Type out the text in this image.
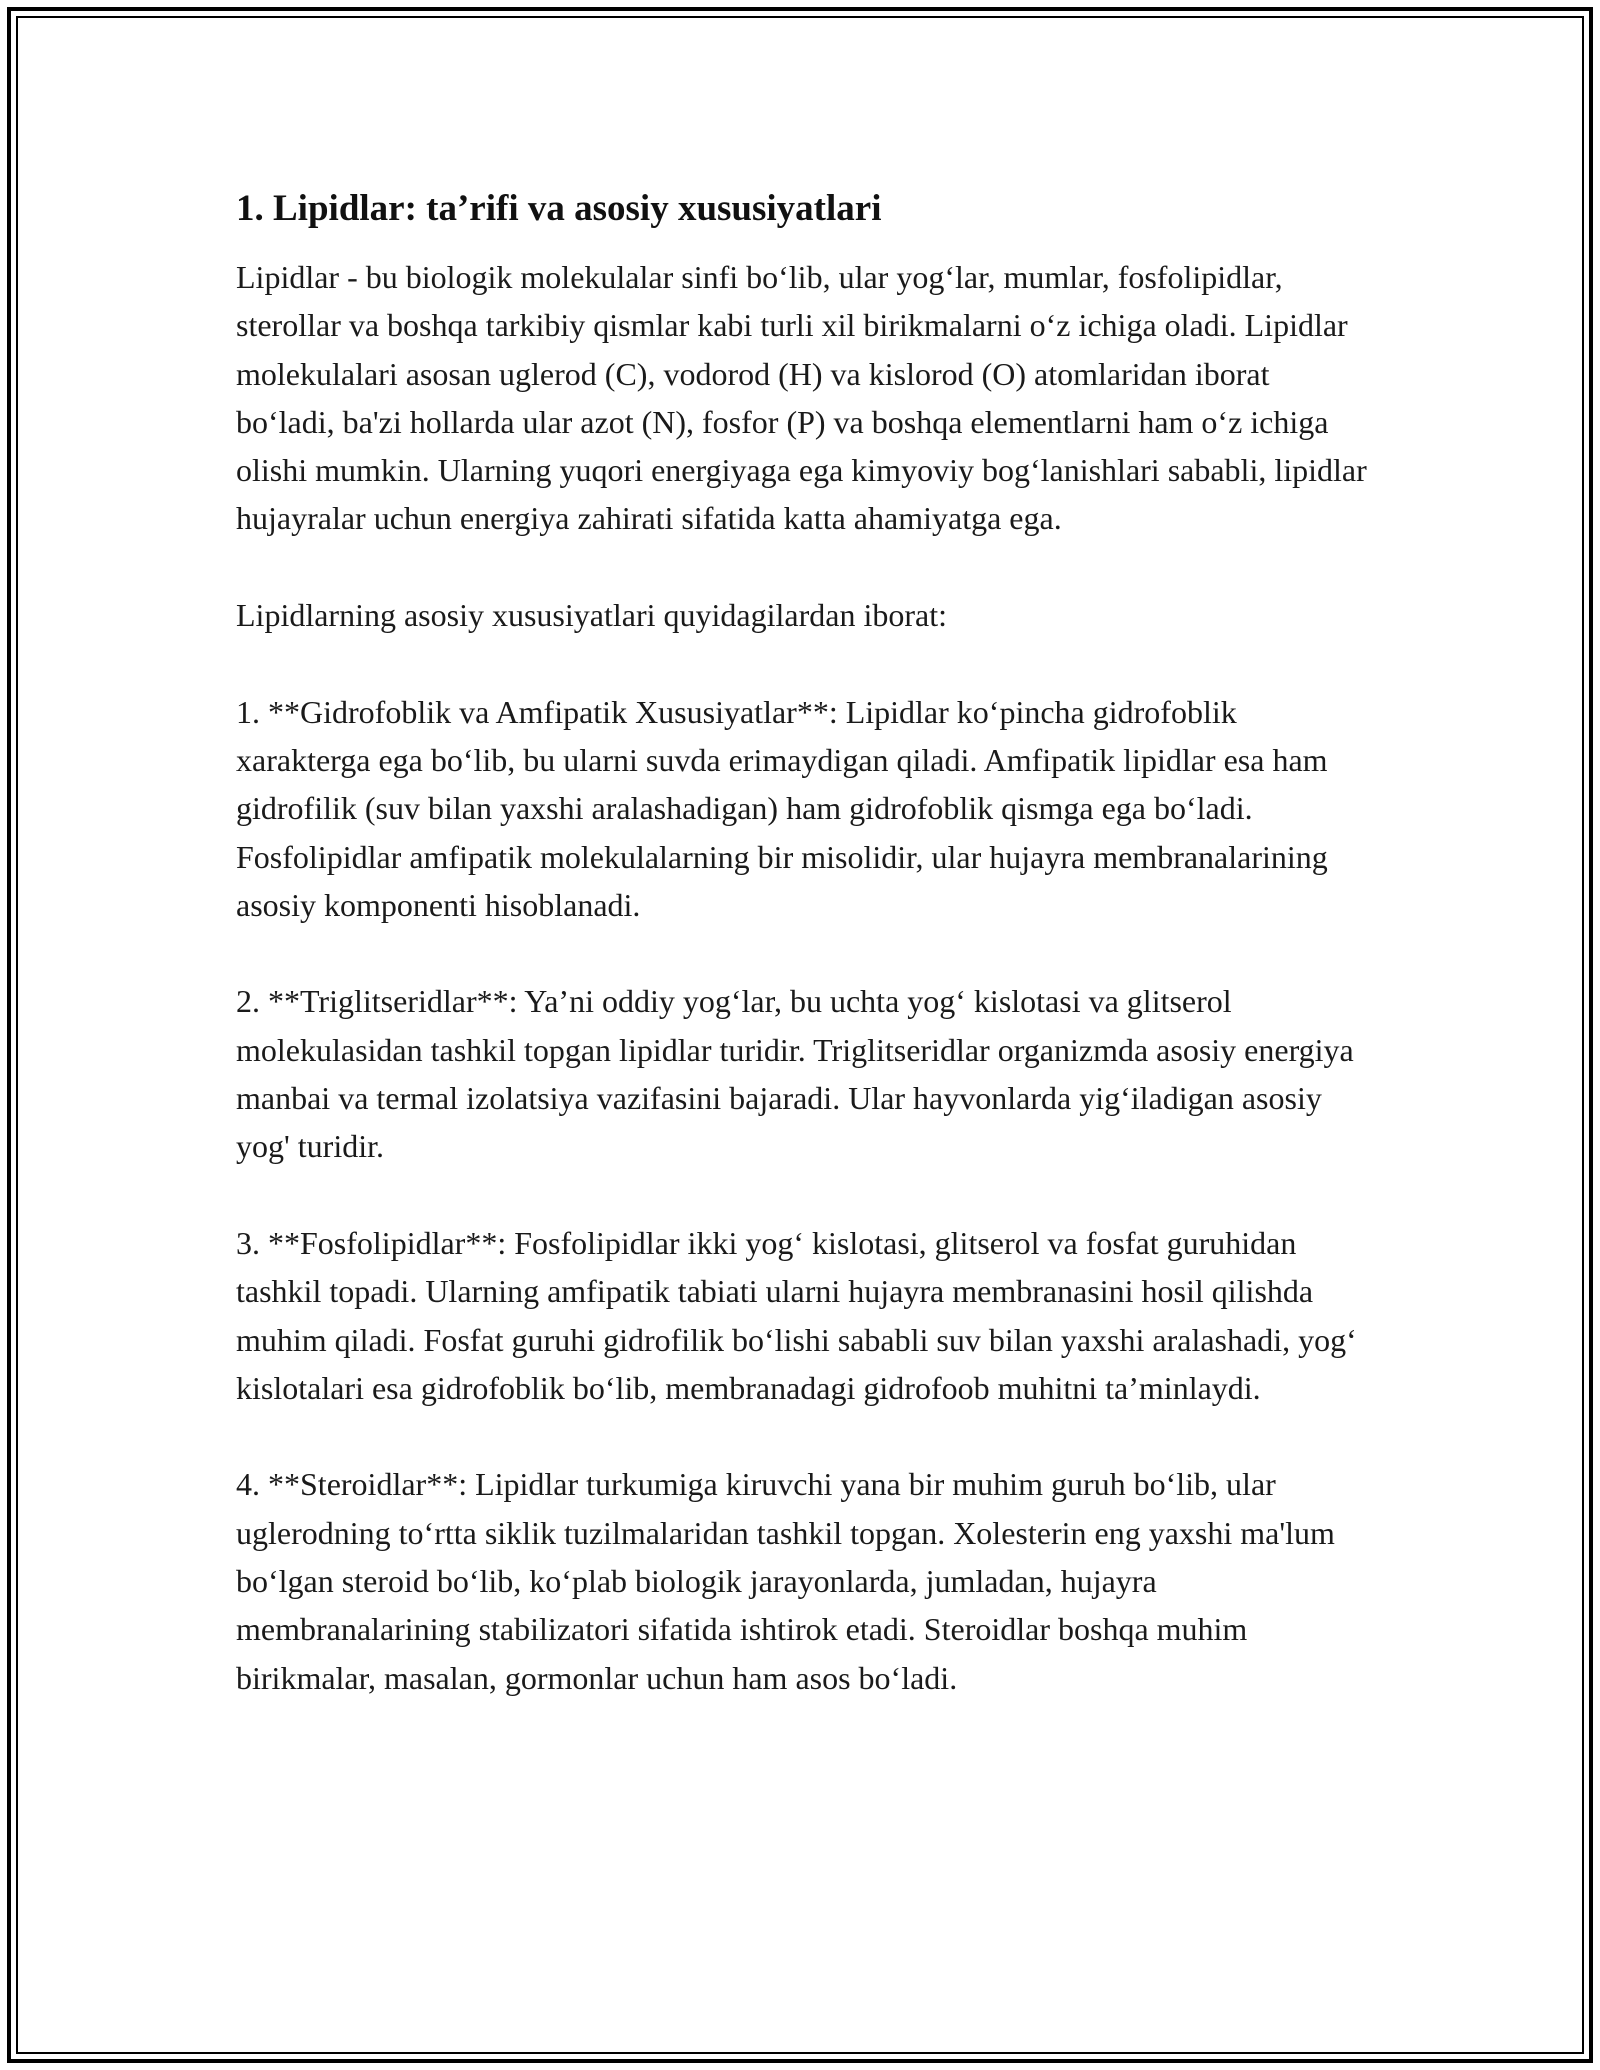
1. Lipidlar: ta’rifi va asosiy xususiyatlari

Lipidlar - bu biologik molekulalar sinfi bo‘lib, ular yog‘lar, mumlar, fosfolipidlar, sterollar va boshqa tarkibiy qismlar kabi turli xil birikmalarni o‘z ichiga oladi. Lipidlar molekulalari asosan uglerod (C), vodorod (H) va kislorod (O) atomlaridan iborat bo‘ladi, ba'zi hollarda ular azot (N), fosfor (P) va boshqa elementlarni ham o‘z ichiga olishi mumkin. Ularning yuqori energiyaga ega kimyoviy bog‘lanishlari sababli, lipidlar hujayralar uchun energiya zahirati sifatida katta ahamiyatga ega.

Lipidlarning asosiy xususiyatlari quyidagilardan iborat:

1. **Gidrofoblik va Amfipatik Xususiyatlar**: Lipidlar ko‘pincha gidrofoblik xarakterga ega bo‘lib, bu ularni suvda erimaydigan qiladi. Amfipatik lipidlar esa ham gidrofilik (suv bilan yaxshi aralashadigan) ham gidrofoblik qismga ega bo‘ladi. Fosfolipidlar amfipatik molekulalarning bir misolidir, ular hujayra membranalarining asosiy komponenti hisoblanadi.

2. **Triglitseridlar**: Ya’ni oddiy yog‘lar, bu uchta yog‘ kislotasi va glitserol molekulasidan tashkil topgan lipidlar turidir. Triglitseridlar organizmda asosiy energiya manbai va termal izolatsiya vazifasini bajaradi. Ular hayvonlarda yig‘iladigan asosiy yog' turidir.

3. **Fosfolipidlar**: Fosfolipidlar ikki yog‘ kislotasi, glitserol va fosfat guruhidan tashkil topadi. Ularning amfipatik tabiati ularni hujayra membranasini hosil qilishda muhim qiladi. Fosfat guruhi gidrofilik bo‘lishi sababli suv bilan yaxshi aralashadi, yog‘ kislotalari esa gidrofoblik bo‘lib, membranadagi gidrofoob muhitni ta’minlaydi.

4. **Steroidlar**: Lipidlar turkumiga kiruvchi yana bir muhim guruh bo‘lib, ular uglerodning to‘rtta siklik tuzilmalaridan tashkil topgan. Xolesterin eng yaxshi ma'lum bo‘lgan steroid bo‘lib, ko‘plab biologik jarayonlarda, jumladan, hujayra membranalarining stabilizatori sifatida ishtirok etadi. Steroidlar boshqa muhim birikmalar, masalan, gormonlar uchun ham asos bo‘ladi.
